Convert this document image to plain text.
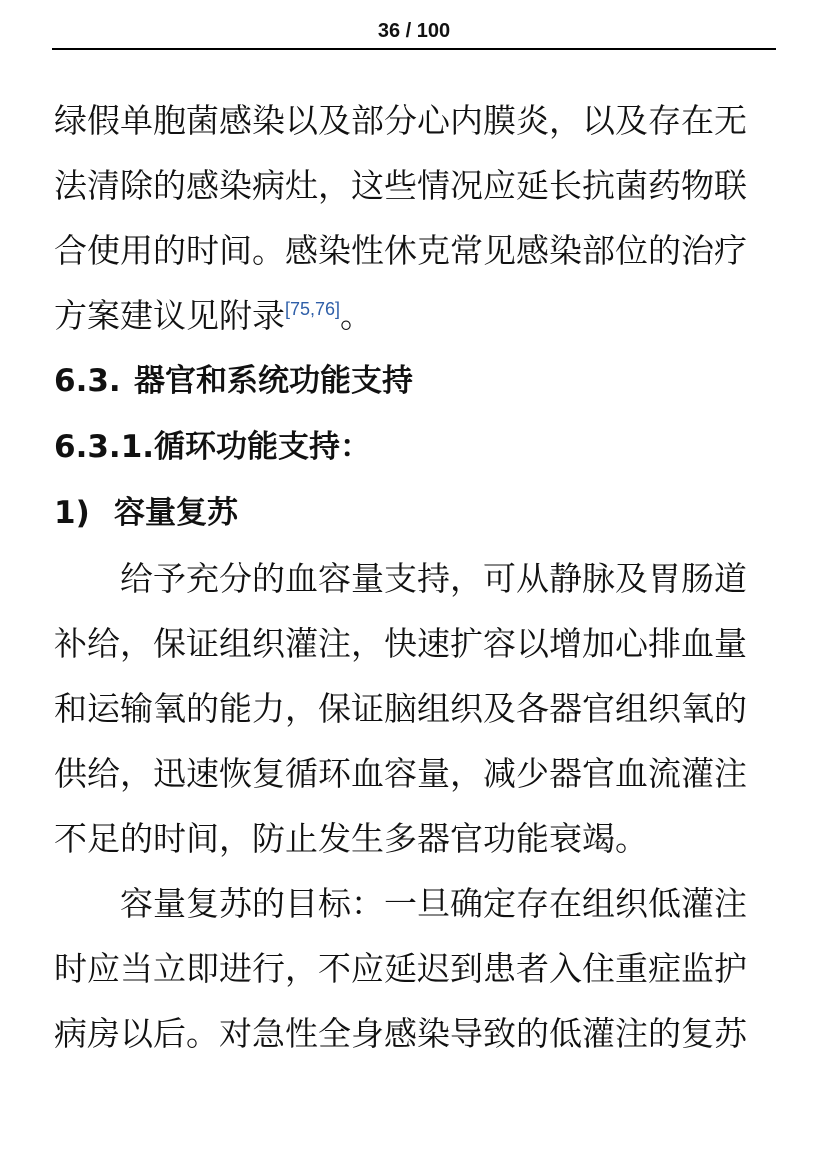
36 / 100

绿假单胞菌感染以及部分心内膜炎，以及存在无法清除的感染病灶，这些情况应延长抗菌药物联合使用的时间。感染性休克常见感染部位的治疗方案建议见附录[75,76]。

6.3. 器官和系统功能支持
6.3.1.循环功能支持：
1) 容量复苏

给予充分的血容量支持，可从静脉及胃肠道补给，保证组织灌注，快速扩容以增加心排血量和运输氧的能力，保证脑组织及各器官组织氧的供给，迅速恢复循环血容量，减少器官血流灌注不足的时间，防止发生多器官功能衰竭。

容量复苏的目标：一旦确定存在组织低灌注时应当立即进行，不应延迟到患者入住重症监护病房以后。对急性全身感染导致的低灌注的复苏
